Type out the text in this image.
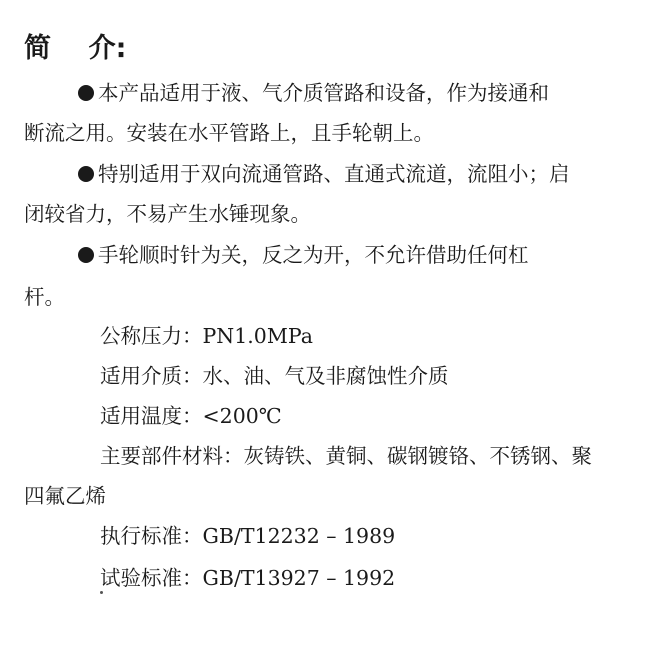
简    介:
本产品适用于液、气介质管路和设备，作为接通和
断流之用。安装在水平管路上，且手轮朝上。
特别适用于双向流通管路、直通式流道，流阻小；启
闭较省力，不易产生水锤现象。
手轮顺时针为关，反之为开，不允许借助任何杠
杆。
公称压力：PN1.0MPa
适用介质：水、油、气及非腐蚀性介质
适用温度：<200℃
主要部件材料：灰铸铁、黄铜、碳钢镀铬、不锈钢、聚
四氟乙烯
执行标准：GB/T12232 – 1989
试验标准：GB/T13927 – 1992
